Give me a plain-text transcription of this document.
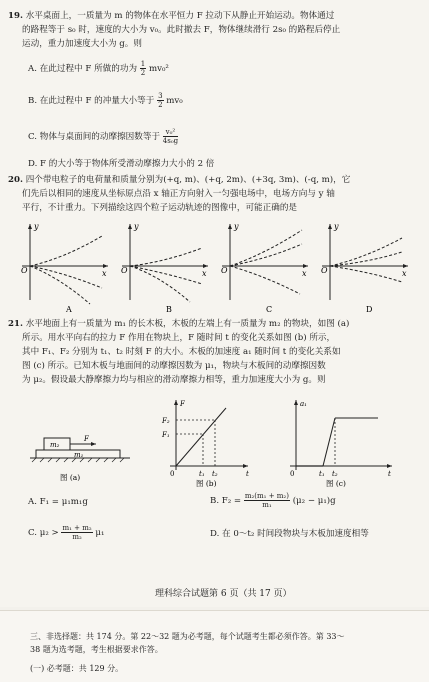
19. 水平桌面上，一质量为 m 的物体在水平恒力 F 拉动下从静止开始运动。物体通过
的路程等于 s₀ 时，速度的大小为 v₀。此时撤去 F，物体继续滑行 2s₀ 的路程后停止
运动，重力加速度大小为 g。则
A. 在此过程中 F 所做的功为 $\frac{1}{2} mv_0^2$
B. 在此过程中 F 的冲量大小等于 $\frac{3}{2} mv_0$
C. 物体与桌面间的动摩擦因数等于 $\frac{\text{v₀²}}{\text{4s₀g}}$
D. F 的大小等于物体所受滑动摩擦力大小的 2 倍
20. 四个带电粒子的电荷量和质量分别为(+q, m)、(+q, 2m)、(+3q, 3m)、(-q, m)，它
们先后以相同的速度从坐标原点沿 x 轴正方向射入一匀强电场中，电场方向与 y 轴
平行，不计重力。下列描绘这四个粒子运动轨迹的图像中，可能正确的是
y
x
O
A
y
x
O
B
y
x
O
C
y
x
O
D
21. 水平地面上有一质量为 m₁ 的长木板，木板的左端上有一质量为 m₂ 的物块，如图 (a)
所示。用水平向右的拉力 F 作用在物块上，F 随时间 t 的变化关系如图 (b) 所示，
其中 F₁、F₂ 分别为 t₁、t₂ 时刻 F 的大小。木板的加速度 a₁ 随时间 t 的变化关系如
图 (c) 所示。已知木板与地面间的动摩擦因数为 μ₁，物块与木板间的动摩擦因数
为 μ₂。假设最大静摩擦力均与相应的滑动摩擦力相等，重力加速度大小为 g。则
m₂
m₁
F
图 (a)
F
F₂
F₁
t₁ t₂	t
0
图 (b)
a₁
t₁ t₂	t
0
图 (c)
A. F₁ = μ₁m₁g	B. $F_2 = \frac{\text{m₂(m₁ + m₂)}}{\text{m₁}} (\mu_2 - \mu_1)g$
C. $\mu_2 > \frac{\text{m₁ + m₂}}{\text{m₂}} \mu_1$	D. 在 0～t₂ 时间段物块与木板加速度相等
理科综合试题第 6 页（共 17 页）
三、非选择题：共 174 分。第 22～32 题为必考题，每个试题考生都必须作答。第 33～
38 题为选考题，考生根据要求作答。
(一) 必考题：共 129 分。
